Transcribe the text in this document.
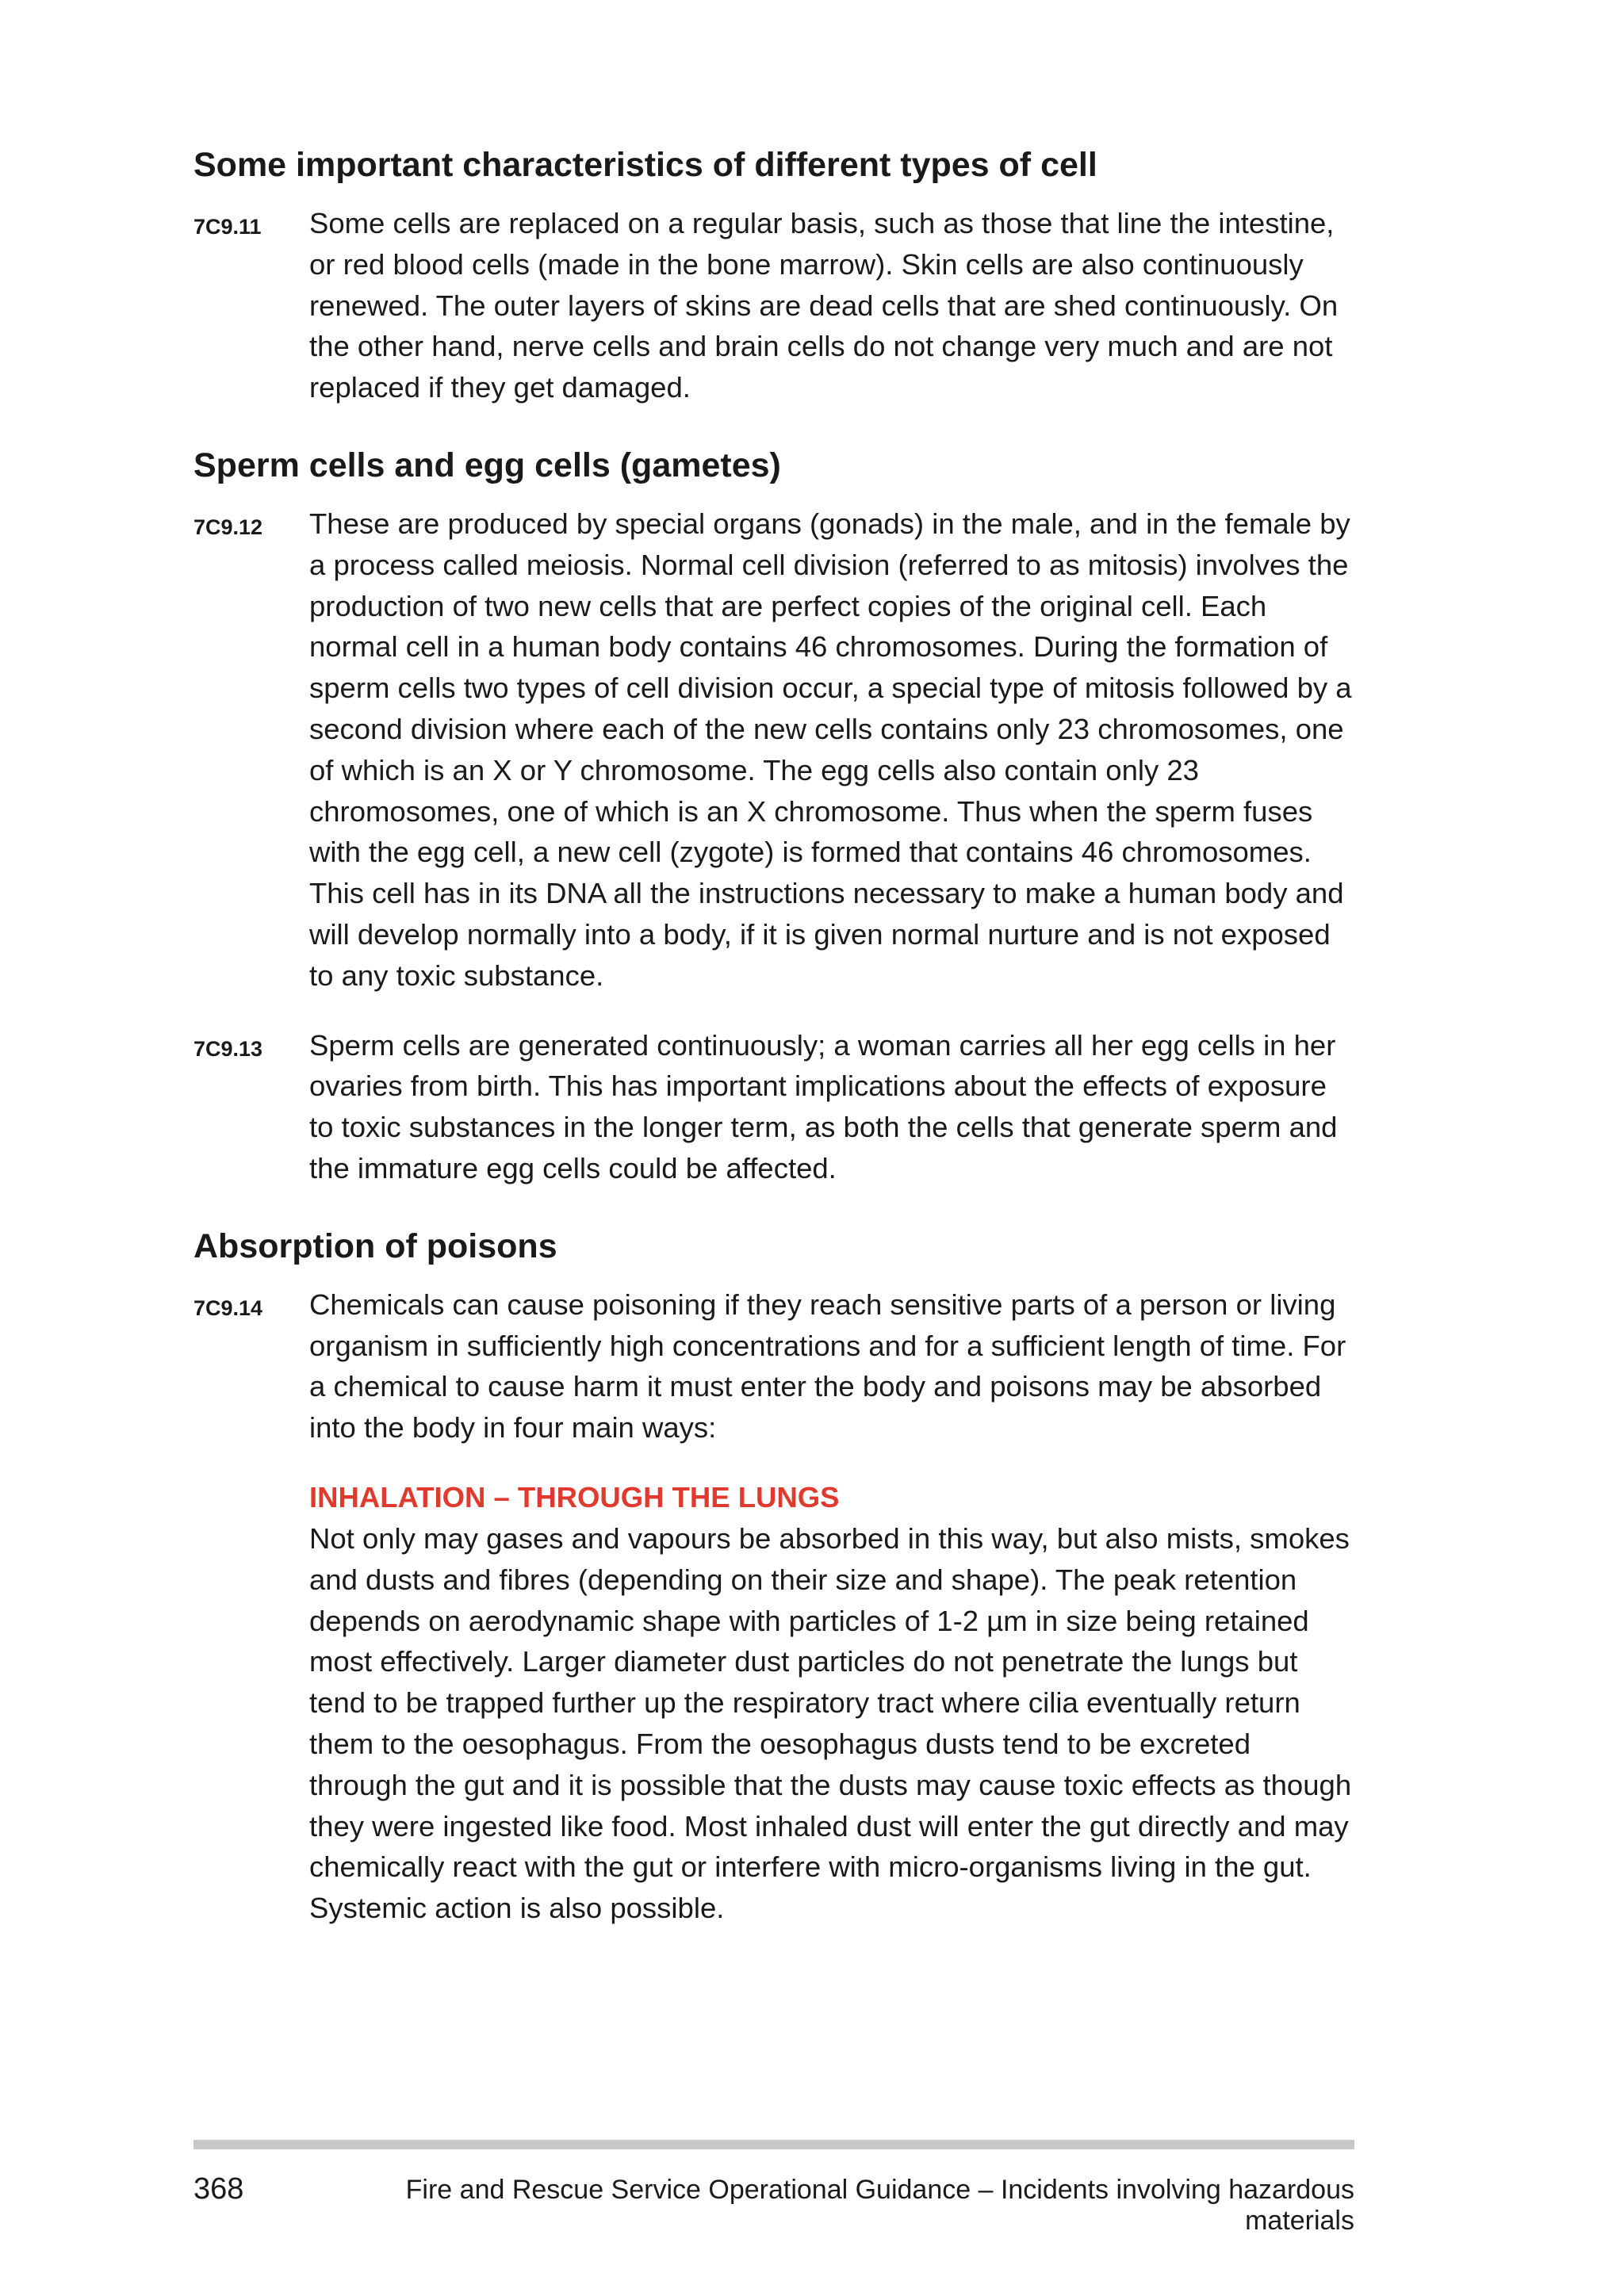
Some important characteristics of different types of cell
7C9.11 Some cells are replaced on a regular basis, such as those that line the intestine, or red blood cells (made in the bone marrow). Skin cells are also continuously renewed. The outer layers of skins are dead cells that are shed continuously. On the other hand, nerve cells and brain cells do not change very much and are not replaced if they get damaged.
Sperm cells and egg cells (gametes)
7C9.12 These are produced by special organs (gonads) in the male, and in the female by a process called meiosis. Normal cell division (referred to as mitosis) involves the production of two new cells that are perfect copies of the original cell. Each normal cell in a human body contains 46 chromosomes. During the formation of sperm cells two types of cell division occur, a special type of mitosis followed by a second division where each of the new cells contains only 23 chromosomes, one of which is an X or Y chromosome. The egg cells also contain only 23 chromosomes, one of which is an X chromosome. Thus when the sperm fuses with the egg cell, a new cell (zygote) is formed that contains 46 chromosomes. This cell has in its DNA all the instructions necessary to make a human body and will develop normally into a body, if it is given normal nurture and is not exposed to any toxic substance.
7C9.13 Sperm cells are generated continuously; a woman carries all her egg cells in her ovaries from birth. This has important implications about the effects of exposure to toxic substances in the longer term, as both the cells that generate sperm and the immature egg cells could be affected.
Absorption of poisons
7C9.14 Chemicals can cause poisoning if they reach sensitive parts of a person or living organism in sufficiently high concentrations and for a sufficient length of time. For a chemical to cause harm it must enter the body and poisons may be absorbed into the body in four main ways:
INHALATION – THROUGH THE LUNGS
Not only may gases and vapours be absorbed in this way, but also mists, smokes and dusts and fibres (depending on their size and shape). The peak retention depends on aerodynamic shape with particles of 1-2 µm in size being retained most effectively. Larger diameter dust particles do not penetrate the lungs but tend to be trapped further up the respiratory tract where cilia eventually return them to the oesophagus. From the oesophagus dusts tend to be excreted through the gut and it is possible that the dusts may cause toxic effects as though they were ingested like food. Most inhaled dust will enter the gut directly and may chemically react with the gut or interfere with micro-organisms living in the gut. Systemic action is also possible.
368	Fire and Rescue Service Operational Guidance – Incidents involving hazardous materials
